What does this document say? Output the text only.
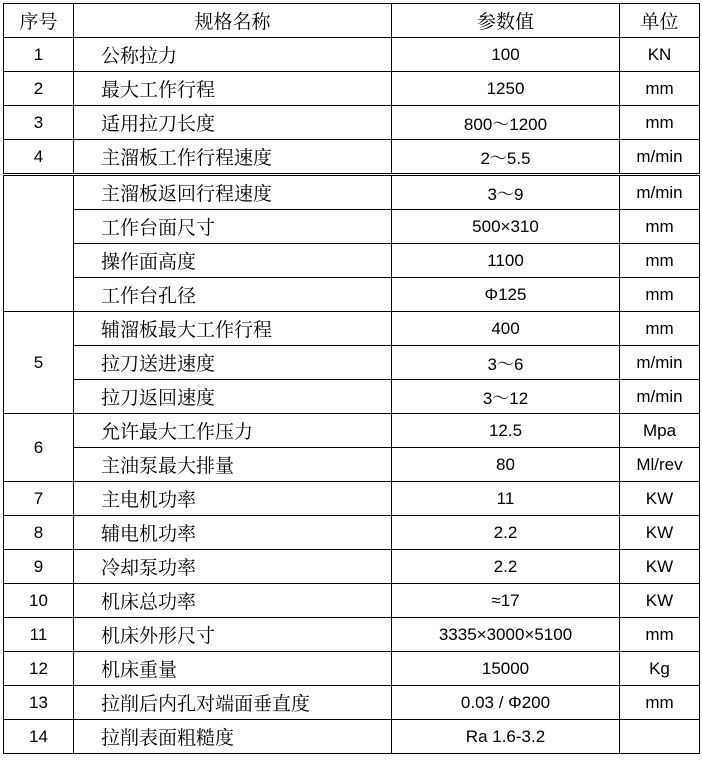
序号	规格名称	参数值	单位
1	公称拉力	100	KN
2	最大工作行程	1250	mm
3	适用拉刀长度	800～1200	mm
4	主溜板工作行程速度	2～5.5	m/min
	主溜板返回行程速度	3～9	m/min
	工作台面尺寸	500×310	mm
	操作面高度	1100	mm
	工作台孔径	Φ125	mm
5	辅溜板最大工作行程	400	mm
	拉刀送进速度	3～6	m/min
	拉刀返回速度	3～12	m/min
6	允许最大工作压力	12.5	Mpa
	主油泵最大排量	80	Ml/rev
7	主电机功率	11	KW
8	辅电机功率	2.2	KW
9	冷却泵功率	2.2	KW
10	机床总功率	≈17	KW
11	机床外形尺寸	3335×3000×5100	mm
12	机床重量	15000	Kg
13	拉削后内孔对端面垂直度	0.03 / Φ200	mm
14	拉削表面粗糙度	Ra 1.6-3.2	
